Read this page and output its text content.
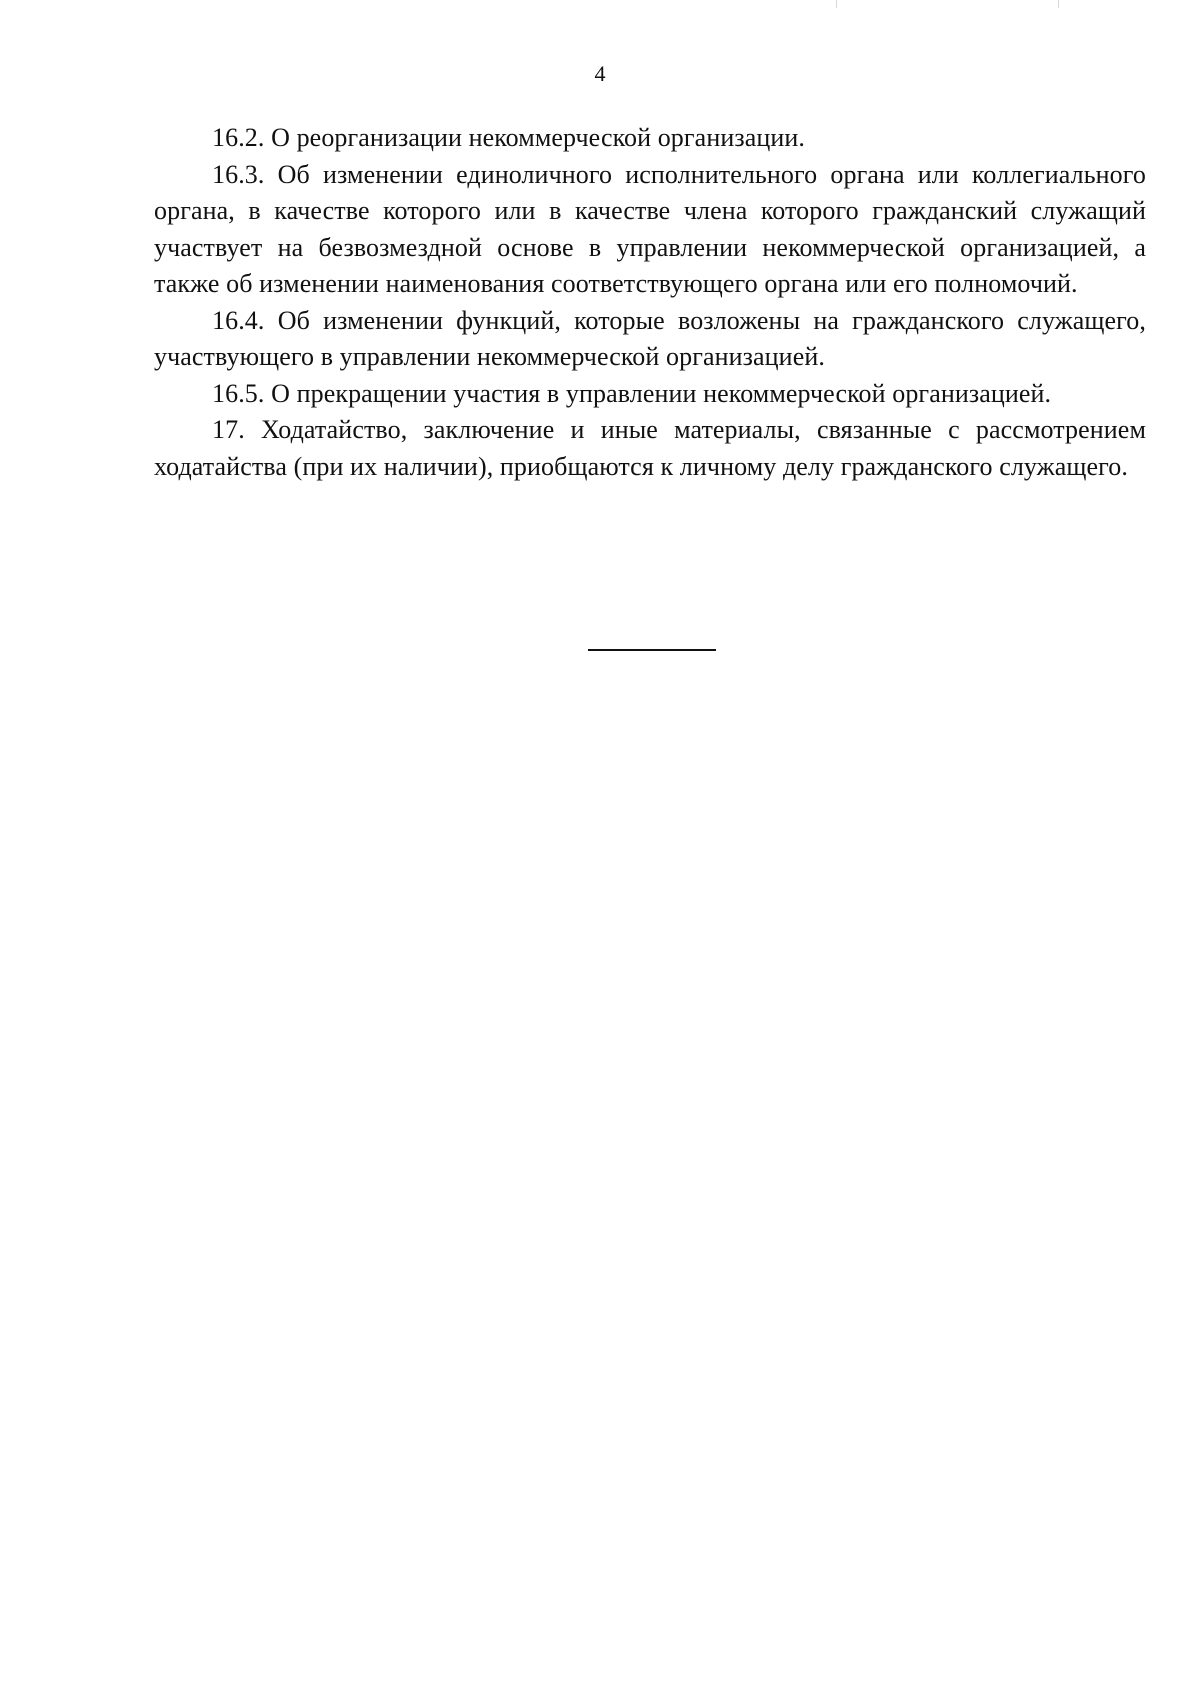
4

16.2. О реорганизации некоммерческой организации.

16.3. Об изменении единоличного исполнительного органа или коллегиального органа, в качестве которого или в качестве члена которого гражданский служащий участвует на безвозмездной основе в управлении некоммерческой организацией, а также об изменении наименования соответствующего органа или его полномочий.

16.4. Об изменении функций, которые возложены на гражданского служащего, участвующего в управлении некоммерческой организацией.

16.5. О прекращении участия в управлении некоммерческой организацией.

17. Ходатайство, заключение и иные материалы, связанные с рассмотрением ходатайства (при их наличии), приобщаются к личному делу гражданского служащего.
